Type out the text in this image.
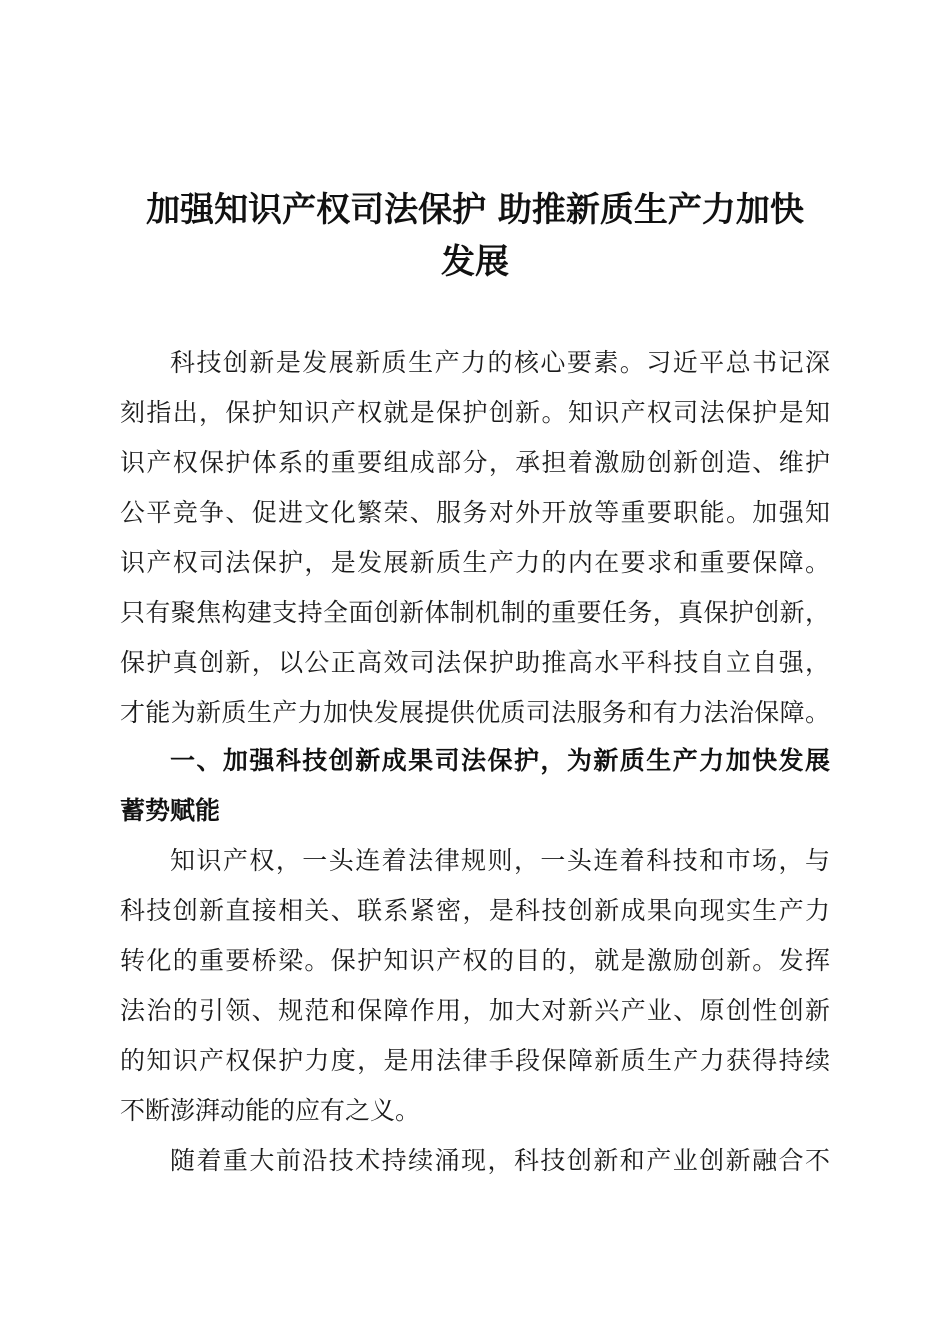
加强知识产权司法保护 助推新质生产力加快
发展
科技创新是发展新质生产力的核心要素。习近平总书记深
刻指出，保护知识产权就是保护创新。知识产权司法保护是知
识产权保护体系的重要组成部分，承担着激励创新创造、维护
公平竞争、促进文化繁荣、服务对外开放等重要职能。加强知
识产权司法保护，是发展新质生产力的内在要求和重要保障。
只有聚焦构建支持全面创新体制机制的重要任务，真保护创新，
保护真创新，以公正高效司法保护助推高水平科技自立自强，
才能为新质生产力加快发展提供优质司法服务和有力法治保障。
一、加强科技创新成果司法保护，为新质生产力加快发展
蓄势赋能
知识产权，一头连着法律规则，一头连着科技和市场，与
科技创新直接相关、联系紧密，是科技创新成果向现实生产力
转化的重要桥梁。保护知识产权的目的，就是激励创新。发挥
法治的引领、规范和保障作用，加大对新兴产业、原创性创新
的知识产权保护力度，是用法律手段保障新质生产力获得持续
不断澎湃动能的应有之义。
随着重大前沿技术持续涌现，科技创新和产业创新融合不
